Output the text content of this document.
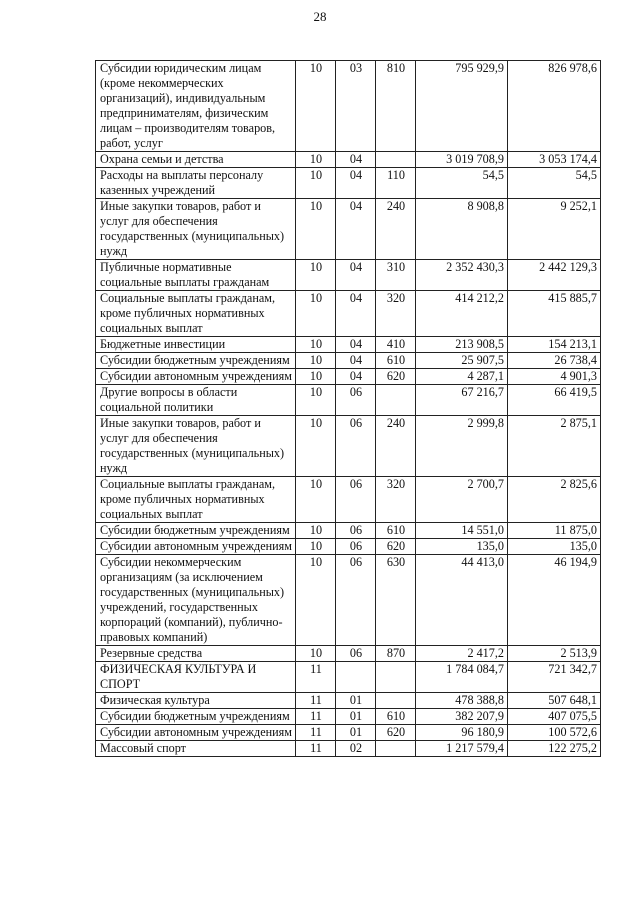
28
Субсидии юридическим лицам (кроме некоммерческих организаций), индивидуальным предпринимателям, физическим лицам – производителям товаров, работ, услуг	10	03	810	795 929,9	826 978,6
Охрана семьи и детства	10	04		3 019 708,9	3 053 174,4
Расходы на выплаты персоналу казенных учреждений	10	04	110	54,5	54,5
Иные закупки товаров, работ и услуг для обеспечения государственных (муниципальных) нужд	10	04	240	8 908,8	9 252,1
Публичные нормативные социальные выплаты гражданам	10	04	310	2 352 430,3	2 442 129,3
Социальные выплаты гражданам, кроме публичных нормативных социальных выплат	10	04	320	414 212,2	415 885,7
Бюджетные инвестиции	10	04	410	213 908,5	154 213,1
Субсидии бюджетным учреждениям	10	04	610	25 907,5	26 738,4
Субсидии автономным учреждениям	10	04	620	4 287,1	4 901,3
Другие вопросы в области социальной политики	10	06		67 216,7	66 419,5
Иные закупки товаров, работ и услуг для обеспечения государственных (муниципальных) нужд	10	06	240	2 999,8	2 875,1
Социальные выплаты гражданам, кроме публичных нормативных социальных выплат	10	06	320	2 700,7	2 825,6
Субсидии бюджетным учреждениям	10	06	610	14 551,0	11 875,0
Субсидии автономным учреждениям	10	06	620	135,0	135,0
Субсидии некоммерческим организациям (за исключением государственных (муниципальных) учреждений, государственных корпораций (компаний), публично-правовых компаний)	10	06	630	44 413,0	46 194,9
Резервные средства	10	06	870	2 417,2	2 513,9
ФИЗИЧЕСКАЯ КУЛЬТУРА И СПОРТ	11			1 784 084,7	721 342,7
Физическая культура	11	01		478 388,8	507 648,1
Субсидии бюджетным учреждениям	11	01	610	382 207,9	407 075,5
Субсидии автономным учреждениям	11	01	620	96 180,9	100 572,6
Массовый спорт	11	02		1 217 579,4	122 275,2
